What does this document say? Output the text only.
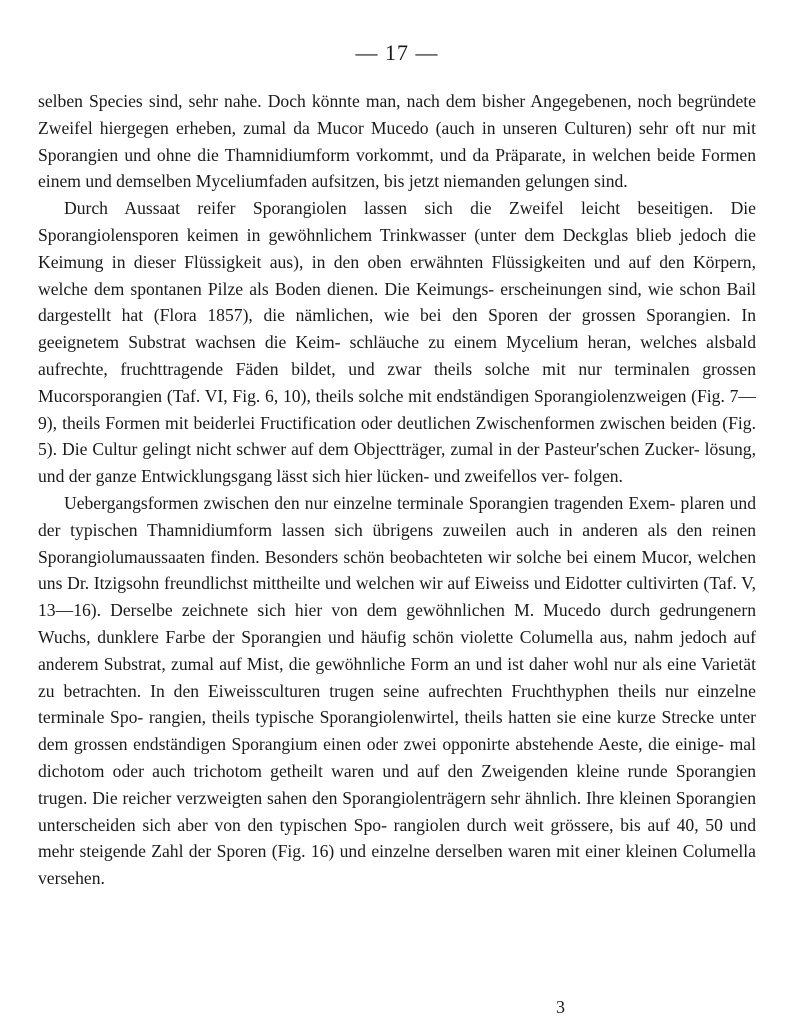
— 17 —

selben Species sind, sehr nahe. Doch könnte man, nach dem bisher Angegebenen, noch begründete Zweifel hiergegen erheben, zumal da Mucor Mucedo (auch in unseren Culturen) sehr oft nur mit Sporangien und ohne die Thamnidiumform vorkommt, und da Präparate, in welchen beide Formen einem und demselben Myceliumfaden aufsitzen, bis jetzt niemanden gelungen sind.

Durch Aussaat reifer Sporangiolen lassen sich die Zweifel leicht beseitigen. Die Sporangiolensporen keimen in gewöhnlichem Trinkwasser (unter dem Deckglas blieb jedoch die Keimung in dieser Flüssigkeit aus), in den oben erwähnten Flüssigkeiten und auf den Körpern, welche dem spontanen Pilze als Boden dienen. Die Keimungs- erscheinungen sind, wie schon Bail dargestellt hat (Flora 1857), die nämlichen, wie bei den Sporen der grossen Sporangien. In geeignetem Substrat wachsen die Keim- schläuche zu einem Mycelium heran, welches alsbald aufrechte, fruchttragende Fäden bildet, und zwar theils solche mit nur terminalen grossen Mucorsporangien (Taf. VI, Fig. 6, 10), theils solche mit endständigen Sporangiolenzweigen (Fig. 7—9), theils Formen mit beiderlei Fructification oder deutlichen Zwischenformen zwischen beiden (Fig. 5). Die Cultur gelingt nicht schwer auf dem Objectträger, zumal in der Pasteur'schen Zucker- lösung, und der ganze Entwicklungsgang lässt sich hier lücken- und zweifellos ver- folgen.

Uebergangsformen zwischen den nur einzelne terminale Sporangien tragenden Exem- plaren und der typischen Thamnidiumform lassen sich übrigens zuweilen auch in anderen als den reinen Sporangiolumaussaaten finden. Besonders schön beobachteten wir solche bei einem Mucor, welchen uns Dr. Itzigsohn freundlichst mittheilte und welchen wir auf Eiweiss und Eidotter cultivirten (Taf. V, 13—16). Derselbe zeichnete sich hier von dem gewöhnlichen M. Mucedo durch gedrungenern Wuchs, dunklere Farbe der Sporangien und häufig schön violette Columella aus, nahm jedoch auf anderem Substrat, zumal auf Mist, die gewöhnliche Form an und ist daher wohl nur als eine Varietät zu betrachten. In den Eiweissculturen trugen seine aufrechten Fruchthyphen theils nur einzelne terminale Spo- rangien, theils typische Sporangiolenwirtel, theils hatten sie eine kurze Strecke unter dem grossen endständigen Sporangium einen oder zwei opponirte abstehende Aeste, die einige- mal dichotom oder auch trichotom getheilt waren und auf den Zweigenden kleine runde Sporangien trugen. Die reicher verzweigten sahen den Sporangiolenträgern sehr ähnlich. Ihre kleinen Sporangien unterscheiden sich aber von den typischen Spo- rangiolen durch weit grössere, bis auf 40, 50 und mehr steigende Zahl der Sporen (Fig. 16) und einzelne derselben waren mit einer kleinen Columella versehen.

3
